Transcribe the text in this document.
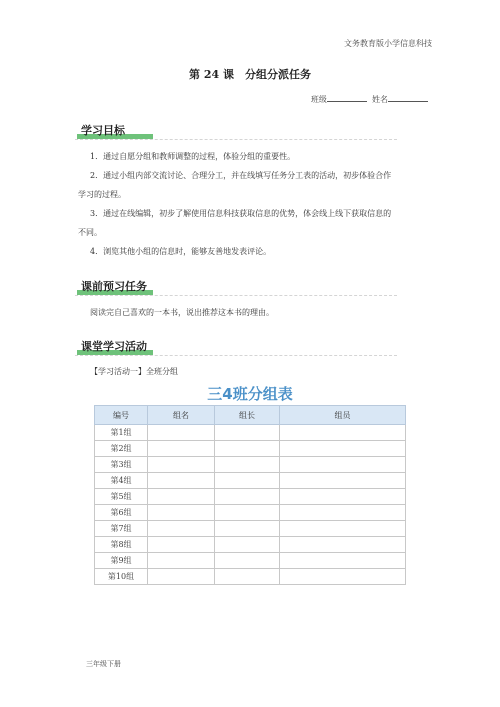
文务教育版小学信息科技
第 24 课　分组分派任务
班级	姓名
学习目标
1．通过自愿分组和教师调整的过程，体验分组的重要性。
2．通过小组内部交流讨论、合理分工，并在线填写任务分工表的活动，初步体验合作
学习的过程。
3．通过在线编辑，初步了解使用信息科技获取信息的优势，体会线上线下获取信息的
不同。
4．浏览其他小组的信息时，能够友善地发表评论。
课前预习任务
阅读完自己喜欢的一本书，说出推荐这本书的理由。
课堂学习活动
【学习活动一】全班分组
三4班分组表
编号	组名	组长	组员
第1组			
第2组			
第3组			
第4组			
第5组			
第6组			
第7组			
第8组			
第9组			
第10组			
三年级下册
